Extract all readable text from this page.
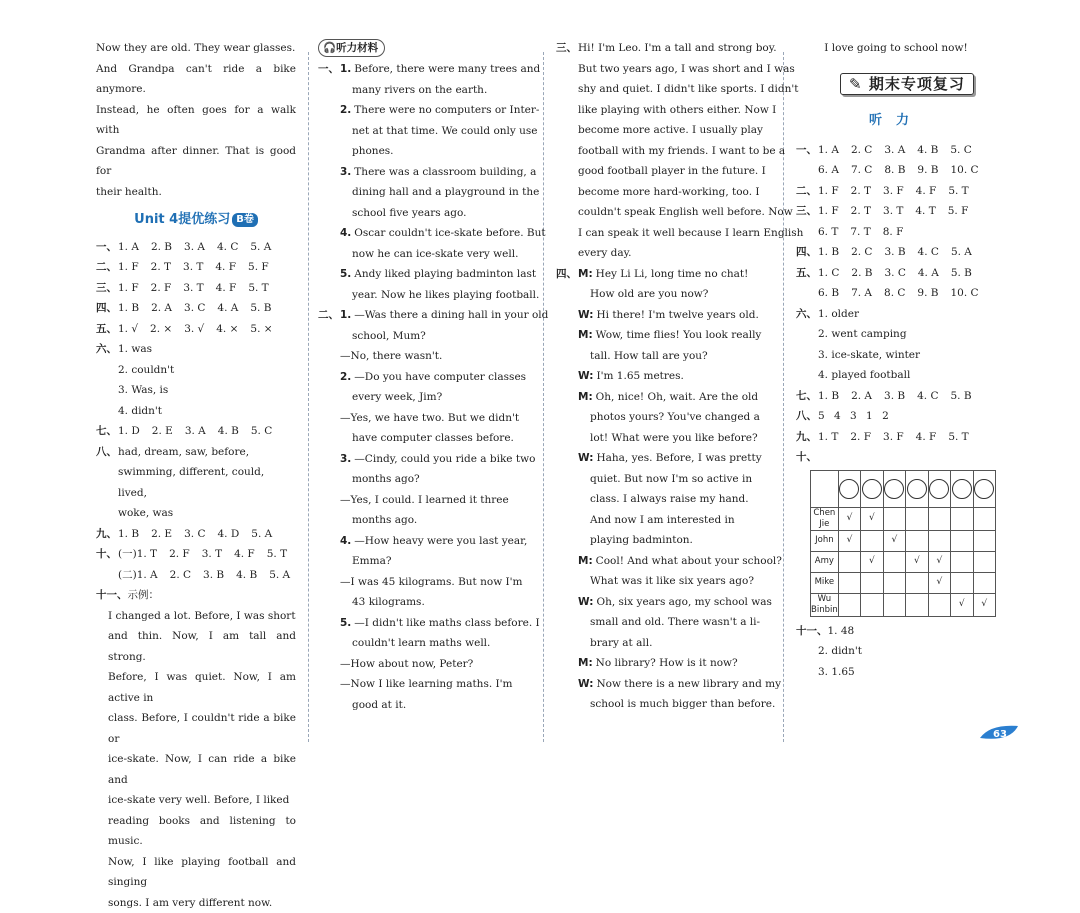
Now they are old. They wear glasses.

And Grandpa can't ride a bike anymore.

Instead, he often goes for a walk with

Grandma after dinner. That is good for

their health.

Unit 4提优练习 B卷
一、 1. A 2. B 3. A 4. C 5. A
二、 1. F 2. T 3. T 4. F 5. F
三、 1. F 2. F 3. T 4. F 5. T
四、 1. B 2. A 3. C 4. A 5. B
五、 1. √ 2. × 3. √ 4. × 5. ×
六、 1. was

2. couldn't

3. Was, is

4. didn't

七、 1. D 2. E 3. A 4. B 5. C
八、 had, dream, saw, before,

swimming, different, could, lived,

woke, was

九、 1. B 2. E 3. C 4. D 5. A
十、 (一)1. T 2. F 3. T 4. F 5. T
(二)1. A 2. C 3. B 4. B 5. A
十一、 示例：

I changed a lot. Before, I was short

and thin. Now, I am tall and strong.

Before, I was quiet. Now, I am active in

class. Before, I couldn't ride a bike or

ice-skate. Now, I can ride a bike and

ice-skate very well. Before, I liked

reading books and listening to music.

Now, I like playing football and singing

songs. I am very different now.

🎧听力材料
一、 1. Before, there were many trees and
many rivers on the earth.
2. There were no computers or Inter-
net at that time. We could only use
phones.
3. There was a classroom building, a
dining hall and a playground in the
school five years ago.
4. Oscar couldn't ice-skate before. But
now he can ice-skate very well.
5. Andy liked playing badminton last
year. Now he likes playing football.
二、 1. —Was there a dining hall in your old
school, Mum?
—No, there wasn't.
2. —Do you have computer classes
every week, Jim?
—Yes, we have two. But we didn't
have computer classes before.
3. —Cindy, could you ride a bike two
months ago?
—Yes, I could. I learned it three
months ago.
4. —How heavy were you last year,
Emma?
—I was 45 kilograms. But now I'm
43 kilograms.
5. —I didn't like maths class before. I
couldn't learn maths well.
—How about now, Peter?
—Now I like learning maths. I'm
good at it.
三、 Hi! I'm Leo. I'm a tall and strong boy.
But two years ago, I was short and I was
shy and quiet. I didn't like sports. I didn't
like playing with others either. Now I
become more active. I usually play
football with my friends. I want to be a
good football player in the future. I
become more hard-working, too. I
couldn't speak English well before. Now
I can speak it well because I learn English
every day.
四、 M: Hey Li Li, long time no chat!
How old are you now?
W: Hi there! I'm twelve years old.
M: Wow, time flies! You look really
tall. How tall are you?
W: I'm 1.65 metres.
M: Oh, nice! Oh, wait. Are the old
photos yours? You've changed a
lot! What were you like before?
W: Haha, yes. Before, I was pretty
quiet. But now I'm so active in
class. I always raise my hand.
And now I am interested in
playing badminton.
M: Cool! And what about your school?
What was it like six years ago?
W: Oh, six years ago, my school was
small and old. There wasn't a li-
brary at all.
M: No library? How is it now?
W: Now there is a new library and my
school is much bigger than before.
I love going to school now!
✎ 期末专项复习
听力
一、 1. A 2. C 3. A 4. B 5. C
6. A 7. C 8. B 9. B 10. C
二、 1. F 2. T 3. F 4. F 5. T
三、 1. F 2. T 3. T 4. T 5. F
6. T 7. T 8. F
四、 1. B 2. C 3. B 4. C 5. A
五、 1. C 2. B 3. C 4. A 5. B
6. B 7. A 8. C 9. B 10. C
六、 1. older

2. went camping

3. ice-skate, winter

4. played football

七、 1. B 2. A 3. B 4. C 5. B
八、 5 4 3 1 2
九、 1. T 2. F 3. F 4. F 5. T
十、

Chen Jie	√	√					
John	√		√				
Amy		√		√	√		
Mike					√		
Wu Binbin						√	√
十一、 1. 48

2. didn't

3. 1.65

63
